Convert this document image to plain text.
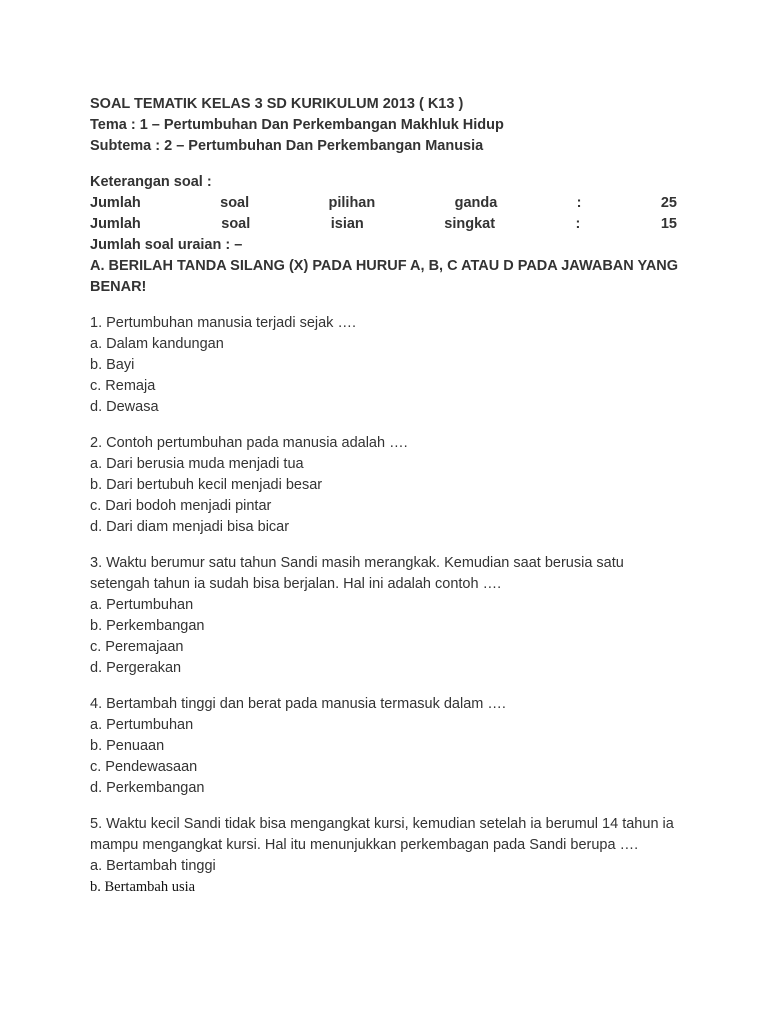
SOAL TEMATIK KELAS 3 SD KURIKULUM 2013 ( K13 )
Tema : 1 – Pertumbuhan Dan Perkembangan Makhluk Hidup
Subtema : 2 – Pertumbuhan Dan Perkembangan Manusia
Keterangan soal :
Jumlah	soal	pilihan	ganda	:	25
Jumlah	soal	isian	singkat	:	15
Jumlah soal uraian : –
A. BERILAH TANDA SILANG (X) PADA HURUF A, B, C ATAU D PADA JAWABAN YANG BENAR!
1. Pertumbuhan manusia terjadi sejak ….
a. Dalam kandungan
b. Bayi
c. Remaja
d. Dewasa
2. Contoh pertumbuhan pada manusia adalah ….
a. Dari berusia muda menjadi tua
b. Dari bertubuh kecil menjadi besar
c. Dari bodoh menjadi pintar
d. Dari diam menjadi bisa bicar
3. Waktu berumur satu tahun Sandi masih merangkak. Kemudian saat berusia satu setengah tahun ia sudah bisa berjalan. Hal ini adalah contoh ….
a. Pertumbuhan
b. Perkembangan
c. Peremajaan
d. Pergerakan
4. Bertambah tinggi dan berat pada manusia termasuk dalam ….
a. Pertumbuhan
b. Penuaan
c. Pendewasaan
d. Perkembangan
5. Waktu kecil Sandi tidak bisa mengangkat kursi, kemudian setelah ia berumul 14 tahun ia mampu mengangkat kursi. Hal itu menunjukkan perkembagan pada Sandi berupa ….
a. Bertambah tinggi
b. Bertambah usia
